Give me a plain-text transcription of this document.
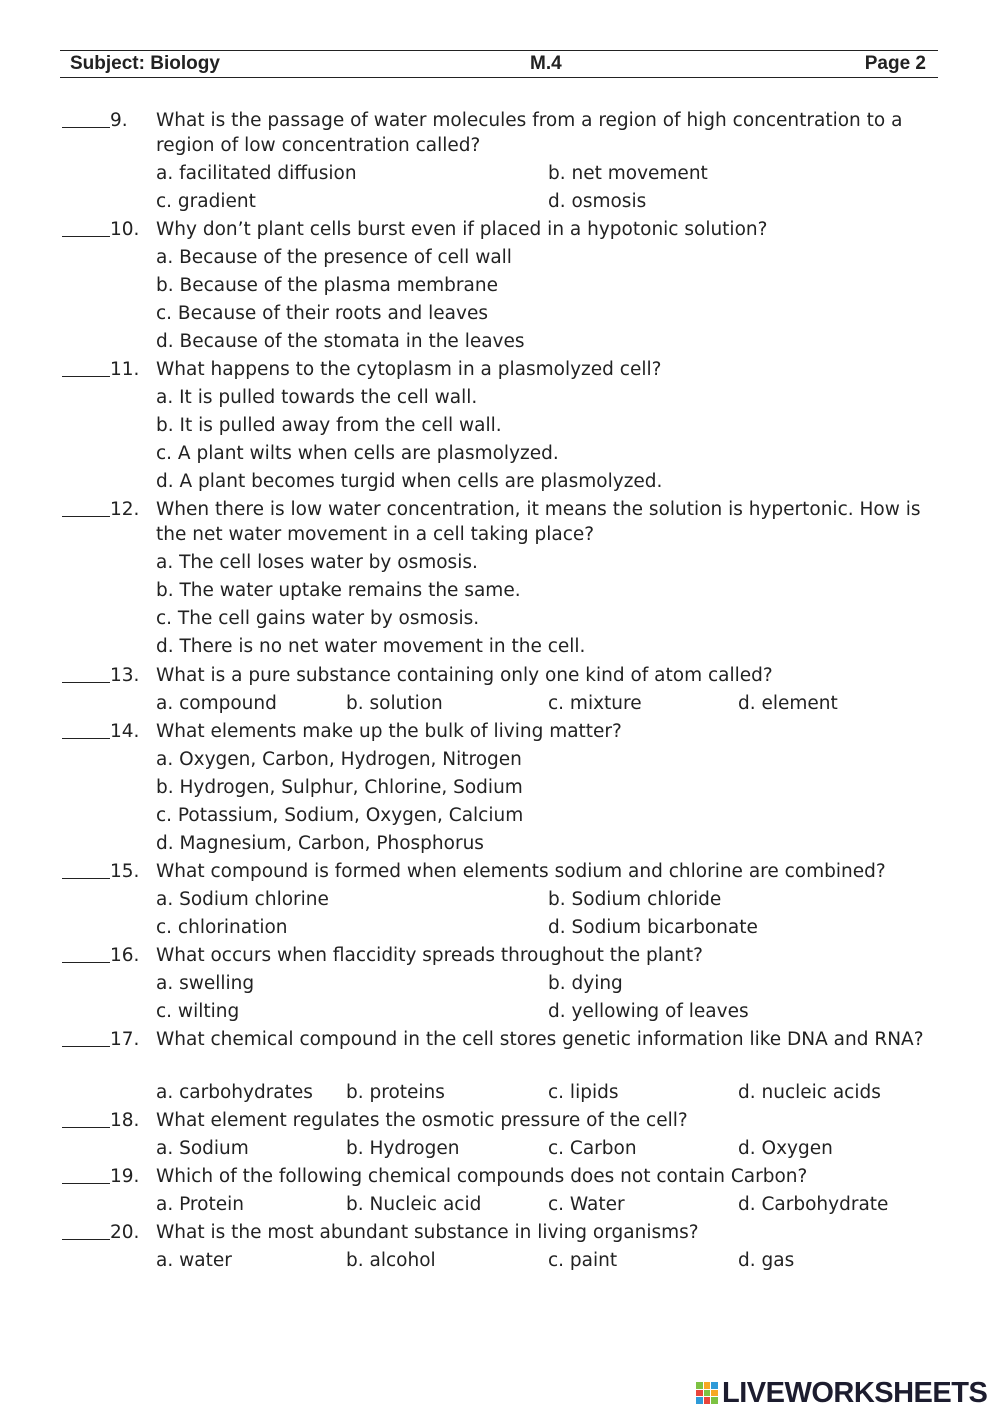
Subject: Biology	M.4	Page 2
9. What is the passage of water molecules from a region of high concentration to a region of low concentration called?
a. facilitated diffusion	b. net movement
c. gradient	d. osmosis
10. Why don’t plant cells burst even if placed in a hypotonic solution?
a. Because of the presence of cell wall
b. Because of the plasma membrane
c. Because of their roots and leaves
d. Because of the stomata in the leaves
11. What happens to the cytoplasm in a plasmolyzed cell?
a. It is pulled towards the cell wall.
b. It is pulled away from the cell wall.
c. A plant wilts when cells are plasmolyzed.
d. A plant becomes turgid when cells are plasmolyzed.
12. When there is low water concentration, it means the solution is hypertonic. How is the net water movement in a cell taking place?
a. The cell loses water by osmosis.
b. The water uptake remains the same.
c. The cell gains water by osmosis.
d. There is no net water movement in the cell.
13. What is a pure substance containing only one kind of atom called?
a. compound	b. solution	c. mixture	d. element
14. What elements make up the bulk of living matter?
a. Oxygen, Carbon, Hydrogen, Nitrogen
b. Hydrogen, Sulphur, Chlorine, Sodium
c. Potassium, Sodium, Oxygen, Calcium
d. Magnesium, Carbon, Phosphorus
15. What compound is formed when elements sodium and chlorine are combined?
a. Sodium chlorine	b. Sodium chloride
c. chlorination	d. Sodium bicarbonate
16. What occurs when flaccidity spreads throughout the plant?
a. swelling	b. dying
c. wilting	d. yellowing of leaves
17. What chemical compound in the cell stores genetic information like DNA and RNA?
a. carbohydrates b. proteins	c. lipids	d. nucleic acids
18. What element regulates the osmotic pressure of the cell?
a. Sodium	b. Hydrogen	c. Carbon	d. Oxygen
19. Which of the following chemical compounds does not contain Carbon?
a. Protein	b. Nucleic acid	c. Water	d. Carbohydrate
20. What is the most abundant substance in living organisms?
a. water	b. alcohol	c. paint	d. gas
LIVEWORKSHEETS
